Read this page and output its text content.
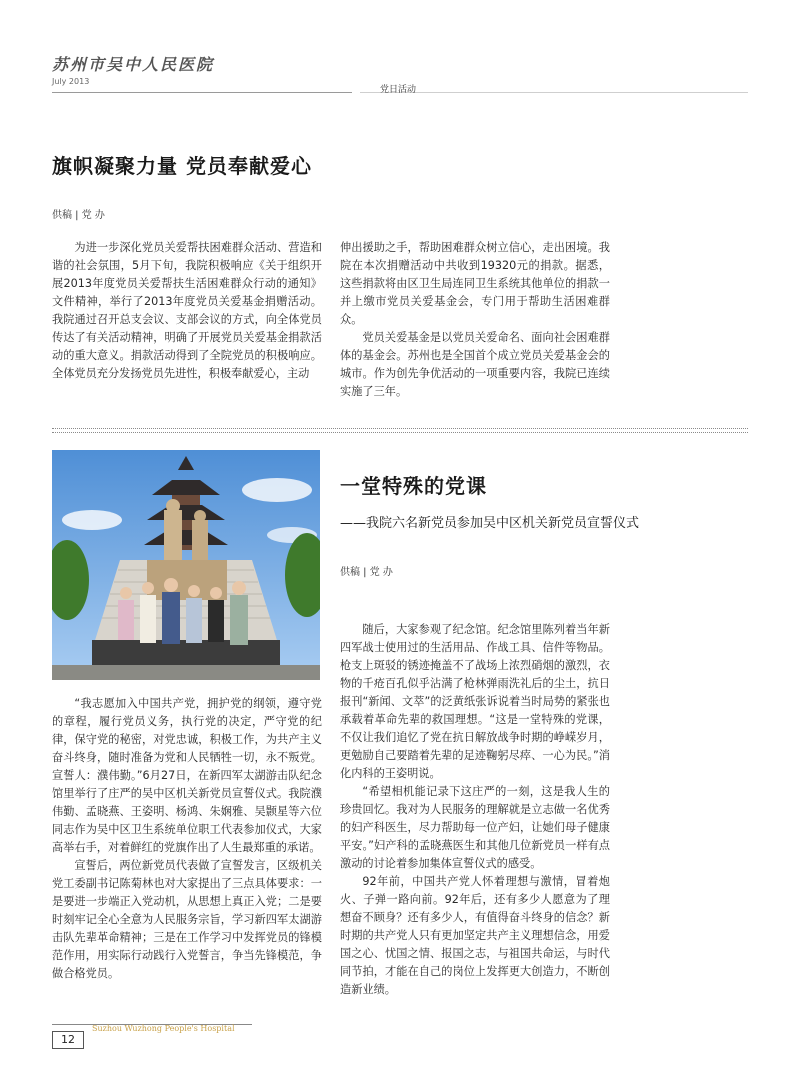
苏州市吴中人民医院
July 2013
党日活动
旗帜凝聚力量 党员奉献爱心
供稿 | 党 办

为进一步深化党员关爱帮扶困难群众活动、营造和谐的社会氛围，5月下旬，我院积极响应《关于组织开展2013年度党员关爱帮扶生活困难群众行动的通知》文件精神，举行了2013年度党员关爱基金捐赠活动。我院通过召开总支会议、支部会议的方式，向全体党员传达了有关活动精神，明确了开展党员关爱基金捐款活动的重大意义。捐款活动得到了全院党员的积极响应。全体党员充分发扬党员先进性，积极奉献爱心，主动

伸出援助之手，帮助困难群众树立信心，走出困境。我院在本次捐赠活动中共收到19320元的捐款。据悉，这些捐款将由区卫生局连同卫生系统其他单位的捐款一并上缴市党员关爱基金会，专门用于帮助生活困难群众。

党员关爱基金是以党员关爱命名、面向社会困难群体的基金会。苏州也是全国首个成立党员关爱基金会的城市。作为创先争优活动的一项重要内容，我院已连续实施了三年。

一堂特殊的党课
——我院六名新党员参加吴中区机关新党员宣誓仪式
供稿 | 党 办

“我志愿加入中国共产党，拥护党的纲领，遵守党的章程，履行党员义务，执行党的决定，严守党的纪律，保守党的秘密，对党忠诚，积极工作，为共产主义奋斗终身，随时准备为党和人民牺牲一切，永不叛党。宣誓人：濮伟勤。”6月27日，在新四军太湖游击队纪念馆里举行了庄严的吴中区机关新党员宣誓仪式。我院濮伟勤、孟晓燕、王姿明、杨鸿、朱娴雅、吴颢星等六位同志作为吴中区卫生系统单位职工代表参加仪式，大家高举右手，对着鲜红的党旗作出了人生最郑重的承诺。

宣誓后，两位新党员代表做了宣誓发言，区级机关党工委副书记陈菊林也对大家提出了三点具体要求：一是要进一步端正入党动机，从思想上真正入党；二是要时刻牢记全心全意为人民服务宗旨，学习新四军太湖游击队先辈革命精神；三是在工作学习中发挥党员的锋模范作用，用实际行动践行入党誓言，争当先锋模范，争做合格党员。

随后，大家参观了纪念馆。纪念馆里陈列着当年新四军战士使用过的生活用品、作战工具、信件等物品。枪支上斑驳的锈迹掩盖不了战场上浓烈硝烟的激烈，衣物的千疮百孔似乎沾满了枪林弹雨洗礼后的尘土，抗日报刊“新闻、文萃”的泛黄纸张诉说着当时局势的紧张也承载着革命先辈的救国理想。“这是一堂特殊的党课，不仅让我们追忆了党在抗日解放战争时期的峥嵘岁月，更勉励自己要踏着先辈的足迹鞠躬尽瘁、一心为民。”消化内科的王姿明说。

“希望相机能记录下这庄严的一刻，这是我人生的珍贵回忆。我对为人民服务的理解就是立志做一名优秀的妇产科医生，尽力帮助每一位产妇，让她们母子健康平安。”妇产科的孟晓燕医生和其他几位新党员一样有点激动的讨论着参加集体宣誓仪式的感受。

92年前，中国共产党人怀着理想与激情，冒着炮火、子弹一路向前。92年后，还有多少人愿意为了理想奋不顾身？还有多少人，有值得奋斗终身的信念？新时期的共产党人只有更加坚定共产主义理想信念，用爱国之心、忧国之情、报国之志，与祖国共命运，与时代同节拍，才能在自己的岗位上发挥更大创造力，不断创造新业绩。

12
Suzhou Wuzhong People's Hospital
